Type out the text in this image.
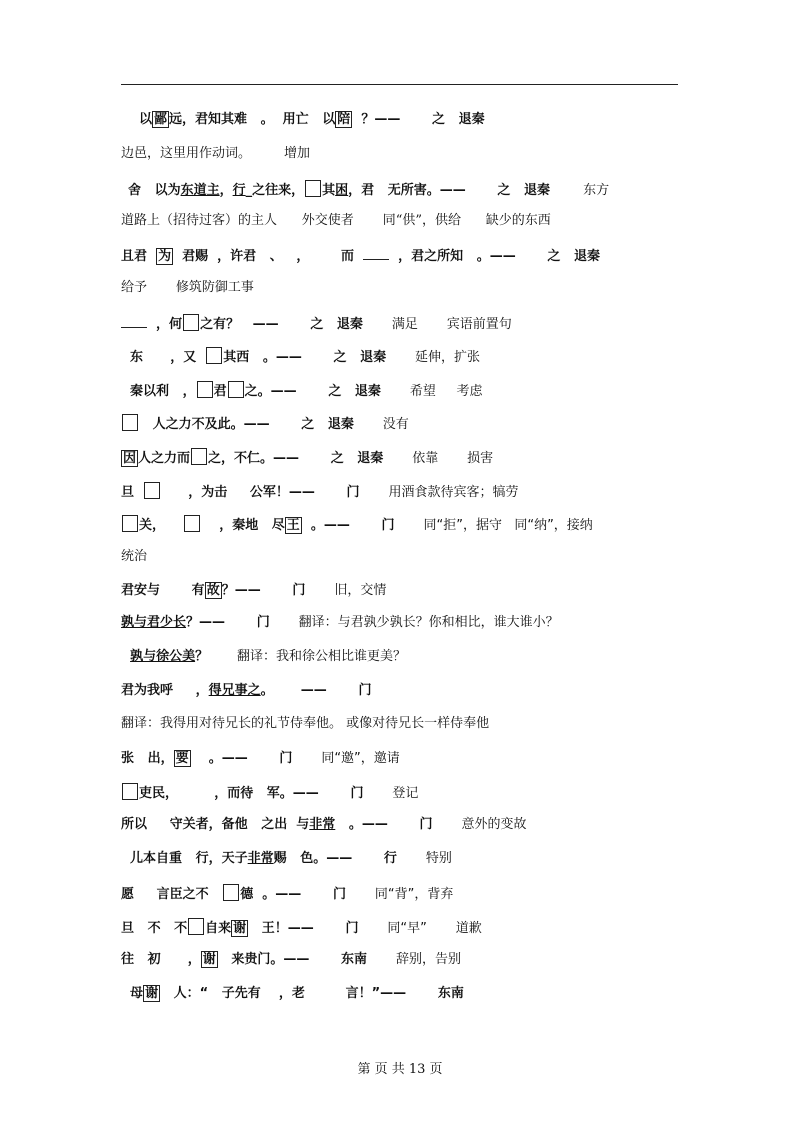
以 鄙 远，君知其难   。  用亡   以 陪  ？——       之   退秦
边邑，这里用作动词。        增加
舍   以为东道主，行_之往来， 其困，君   无所害。——       之   退秦        东方
道路上（招待过客）的主人      外交使者       同“供”，供给      缺少的东西
且君  为  君赐  ，许君   、   ，       而    ，君之所知   。——       之   退秦
给予       修筑防御工事
，何 之有？   ——       之   退秦       满足       宾语前置句
东      ，又  其西   。——       之   退秦       延伸，扩张
秦以利   ， 君 之。——       之   退秦       希望     考虑
人之力不及此。——       之   退秦       没有
因 人之力而 之，不仁。——       之   退秦       依靠       损害
旦        ，为击     公军！——       门       用酒食款待宾客；犒劳
关，        ，秦地   尽 王  。——       门       同“拒”，据守   同“纳”，接纳
统治
君安与       有 故 ？——       门       旧，交情
孰与君少长？——       门       翻译：与君孰少孰长？你和相比，谁大谁小？
孰与徐公美？       翻译：我和徐公相比谁更美？
君为我呼     ，得兄事之。      ——       门
翻译：我得用对待兄长的礼节侍奉他。 或像对待兄长一样侍奉他
张   出， 要    。——       门       同“邀”，邀请
吏民，        ，而待   军。——       门       登记
所以     守关者，备他   之出  与非常   。——       门       意外的变故
儿本自重   行，天子非常赐   色。——       行       特别
愿     言臣之不   德  。——       门       同“背”，背弃
旦   不   不 自来 谢   王！——       门       同“早”       道歉
往   初      ， 谢   来贵门。——       东南       辞别，告别
母 谢   人：“   子先有    ，老         言！”——       东南
第 页 共 13 页
